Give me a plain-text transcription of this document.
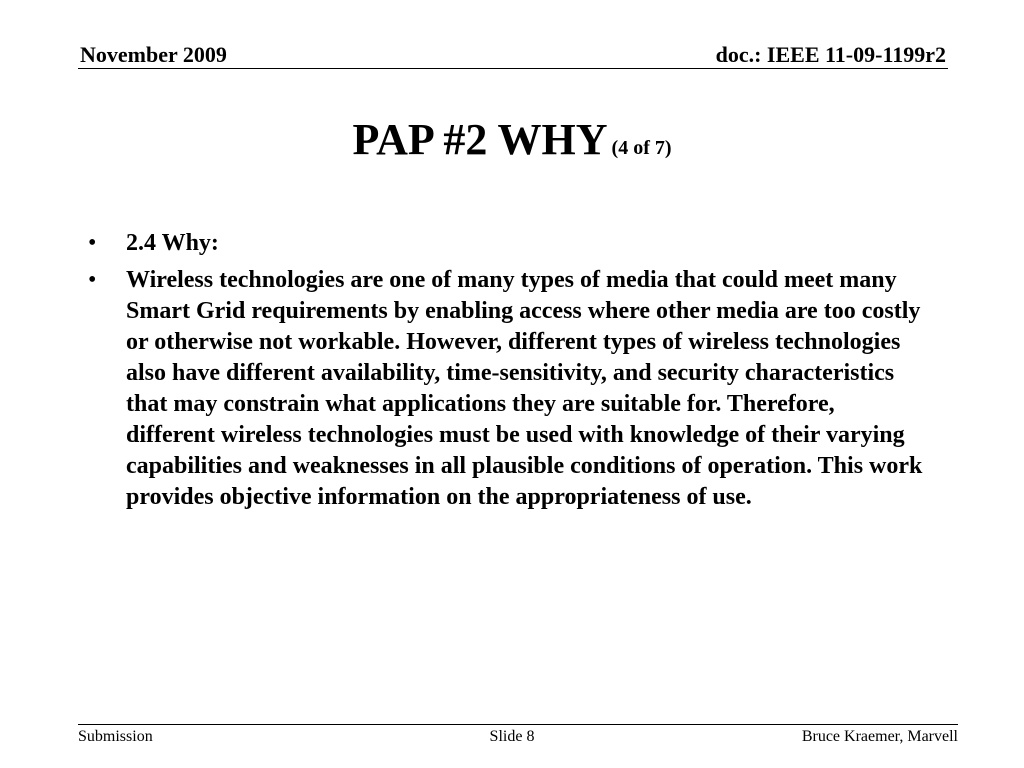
November 2009	doc.: IEEE 11-09-1199r2
PAP #2 WHY (4 of 7)
• 2.4 Why:
• Wireless technologies are one of many types of media that could meet many Smart Grid requirements by enabling access where other media are too costly or otherwise not workable. However, different types of wireless technologies also have different availability, time-sensitivity, and security characteristics that may constrain what applications they are suitable for. Therefore, different wireless technologies must be used with knowledge of their varying capabilities and weaknesses in all plausible conditions of operation. This work provides objective information on the appropriateness of use.
Submission	Slide 8	Bruce Kraemer, Marvell
